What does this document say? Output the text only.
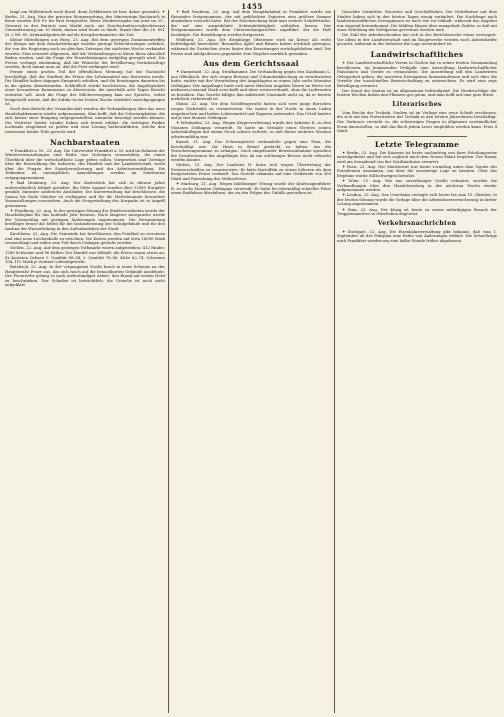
1455

langt am Mühlentisch nach Basel, denn Zerkleinern ist hier, daher gerundet. ✦ Berlin, 23. Aug. Nun der privaten Morgenzeitung, des Ministerium Bacharach in ihren wurden 400 Fr. bis Brot festgesetzt. Beste Wiedervergabe hat jetzt im 29., Gewurzt in den Bereich vom Markt auch, zur Durchschnittsvergleichsweise Vierundzwanzig um 10 Mark, darum wird heute in Mark. Stand über die 26, 601 M. 2 Mt. 60, Kriminaltgedruckt auf als Kriegsbrotminister der Zeit.

Kleine Mitteilungen aus Paris, 23. Aug. Bei dem gestrigen Zusammentreffen des Königs mit dem Staatsoberhaupt wurden geringe Erleichterungen sichtlich, die von der Regierung noch im gleichen Zeitraum der nächsten Woche verkündet wurden. Man erwartet allgemein, daß die Verhandlungen in Kürze ihren Abschluß finden werden, und die Frage der Ersatzleistungen endgültig geregelt wird. Die Presse verlangt einstimmig, daß die Wünsche der Bevölkerung berücksichtigt werden, doch nimmt man an, daß die Frist verlängert wird.

Ferner einen großen Teil der öffentlichen Meinung hat die Nachricht beschäftigt, daß der Stadtrat die Preise der Lebensmittel neu festsetzen werde. Die Händler haben dagegen Einspruch erhoben, und die Beratungen dauerten bis in die späten Abendstunden. Schließlich wurde beschlossen, die Angelegenheit einer besonderen Kommission zu überweisen, die innerhalb acht Tagen Bericht erstatten soll. Auch die Frage der Milchversorgung kam zur Sprache, wobei festgestellt wurde, daß die Zufuhr in der letzten Woche erheblich zurückgegangen ist.

Nach dem Bericht der Gesandtschaft wurden die Verhandlungen über das neue Handelsabkommen wieder aufgenommen. Man hofft, daß die Schwierigkeiten, die sich bisher einer Einigung entgegenstellten, nunmehr beseitigt werden können. Die Vertreter beider Länder haben sich bereit erklärt, die strittigen Punkte nochmals eingehend zu prüfen und eine Lösung herbeizuführen, welche den Interessen beider Teile gerecht wird.

Nachbarstaaten

✦ Frankfurt a. M., 23. Aug. Die Universität Frankfurt a. M. wird im Rahmen der Winterveranstaltungen eine Reihe von Vorträgen veranstalten, die einen Überblick über die wirtschaftliche Lage geben sollen. Vorgesehen sind Vorträge über die Entwicklung der Industrie, des Handels und der Landwirtschaft, sowie über die Fragen der Sozialversicherung und der Arbeitsvermittlung. Die Teilnahme ist unentgeltlich; Anmeldungen werden im Sekretariat entgegengenommen.

✦ Bad Homburg, 22. Aug. Der Kurbetrieb hat sich in diesem Jahre außerordentlich lebhaft gestaltet. Bis Mitte August wurden über 12000 Kurgäste gezählt, darunter zahlreiche Ausländer. Die Kurverwaltung hat beschlossen, die Saison bis Ende Oktober zu verlängern und für die Herbstmonate besondere Veranstaltungen vorzusehen. Auch die Neugestaltung des Kurparks ist in Angriff genommen.

✦ Friedberg, 22. Aug. In der gestrigen Sitzung der Stadtverordneten wurde der Haushaltsplan für das laufende Jahr beraten. Nach längerer Aussprache wurde der Voranschlag mit geringen Änderungen angenommen. Die Versammlung bewilligte ferner die Mittel für die Instandsetzung der Schulgebäude und für den Ausbau der Wasserleitung in den Außenbezirken der Stadt.

Kirchheim, 22. Aug. Die Gemeinde hat beschlossen, den Friedhof zu erweitern und eine neue Leichenhalle zu errichten. Die Kosten werden auf etwa 18000 Mark veranschlagt und sollen zum Teil durch Umlagen gedeckt werden.

Gießen, 22. Aug. Auf dem gestrigen Viehmarkt waren aufgetrieben: 412 Rinder, 1280 Schweine und 96 Kälber. Der Handel war lebhaft, die Preise zogen etwas an. Es kosteten Ochsen 1. Qualität 88–94, 2. Qualität 78–86, Kühe 62–74, Schweine 104–110 Mark je Zentner Lebendgewicht.

Butzbach, 22. Aug. In der vergangenen Nacht brach in einer Scheune an der Hauptstraße Feuer aus, das sich rasch auf die benachbarten Gebäude ausdehnte. Der Feuerwehr gelang es nach mehrstündiger Arbeit, den Brand auf seinen Herd zu beschränken. Der Schaden ist beträchtlich; die Ursache ist noch nicht aufgeklärt.

✦ Bad Nauheim, 23. Aug. Auf dem Hauptbahnhof in Frankfurt wurde ein Reisender festgenommen, der mit gefälschten Papieren eine größere Summe abzuheben versucht hatte. Bei der Durchsuchung fand man weitere Schriftstücke, die auf eine ausgedehnte Schwindeltätigkeit schließen lassen. Der Festgenommene wurde dem Untersuchungsrichter zugeführt, der die Haft bestätigte. Die Ermittlungen werden fortgesetzt.

Weilburg, 22. Aug. Die diesjährige Obsternte wird im Kreise als recht befriedigend bezeichnet. Besonders Äpfel und Birnen haben reichlich getragen, während die Zwetschen etwas hinter den Erwartungen zurückgeblieben sind. Die Preise sind infolgedessen gegenüber dem Vorjahre merklich gesunken.

Aus dem Gerichtssaal

✦ Darmstadt, 22. Aug. Strafkammer. Die Verhandlung gegen den Kaufmann L. aus Offenbach, der sich wegen Betrugs und Urkundenfälschung zu verantworten hatte, endete mit der Verurteilung des Angeklagten zu einem Jahr sechs Monaten Gefängnis. Der Angeklagte hatte sich unter falschen Angaben Waren im Werte von mehreren tausend Mark verschafft und diese weiterverkauft, ohne die Lieferanten zu bezahlen. Das Gericht billigte ihm mildernde Umstände nicht zu, da er bereits mehrfach vorbestraft ist.

Mainz, 22. Aug. Vor dem Schöffengericht hatten sich zwei junge Burschen wegen Diebstahls zu verantworten. Sie waren in der Nacht in einen Laden eingebrochen und hatten Lebensmittel und Zigarren entwendet. Das Urteil lautete auf je vier Monate Gefängnis.

✦ Wiesbaden, 22. Aug. Wegen Körperverletzung wurde der Arbeiter K. zu drei Monaten Gefängnis verurteilt. Er hatte im Verlaufe eines Streites seinen Arbeitskollegen mit einem Stock schwer verletzt, so daß dieser mehrere Wochen arbeitsunfähig war.

Kassel, 21. Aug. Das Schwurgericht verhandelte gegen eine Frau, die beschuldigt war, ihr Haus in Brand gesteckt zu haben, um die Versicherungssumme zu erlangen. Nach eingehender Beweisaufnahme sprachen die Geschworenen die Angeklagte frei, da ein schlüssiger Beweis nicht erbracht werden konnte.

Gießen, 21. Aug. Der Landwirt H. hatte sich wegen Übertretung der Preisvorschriften zu verantworten. Er hatte Kartoffeln zu einem höheren als dem festgesetzten Preise verkauft. Das Gericht erkannte auf eine Geldstrafe von 300 Mark und Einziehung des Mehrerlöses.

✦ Marburg, 21. Aug. Wegen fahrlässiger Tötung wurde der Kraftwagenführer B. zu sechs Monaten Gefängnis verurteilt. Er hatte bei übermäßig schneller Fahrt einen Radfahrer überfahren, der an den Folgen des Unfalls gestorben ist.

Gesuchte Vermittler, Neuestes und Geschäftliches. Die Verhältnisse auf dem Markte haben sich in den letzten Tagen wenig verändert. Die Nachfrage nach landwirtschaftlichen Erzeugnissen ist nach wie vor lebhaft, während das Angebot nur zögernd herauskommt. Die Mühlen klagen über mangelnde Zufuhr, so daß mit einer Erhöhung der Mehlpreise gerechnet werden muß.

Die Zahl der Arbeitsuchenden hat sich in der Berichtswoche etwas verringert. Vor allem in der Landwirtschaft und im Baugewerbe werden noch Arbeitskräfte gesucht, während in der Industrie die Lage unverändert ist.

Landwirtschaftliches

✦ Der Landwirtschaftliche Verein in Gießen hat in seiner letzten Versammlung beschlossen, im kommenden Frühjahr eine Ausstellung landwirtschaftlicher Maschinen und Geräte zu veranstalten. Die Ausstellung soll den Landwirten Gelegenheit geben, die neuesten Erzeugnisse kennenzulernen und sich über die Vorteile der maschinellen Bewirtschaftung zu unterrichten. Es wird eine rege Beteiligung erwartet.

Der Stand der Saaten ist im allgemeinen befriedigend. Die Niederschläge der letzten Wochen haben den Pflanzen gut getan, und man hofft auf eine gute Ernte.

Literarisches

Vom Reiche der Technik. Soeben ist im Verlage eine neue Schrift erschienen, die sich mit den Fortschritten der Technik in den letzten Jahrzehnten beschäftigt. Der Verfasser versteht es, die schwierigen Fragen in allgemein verständlicher Form darzustellen, so daß das Buch jedem Leser empfohlen werden kann. Preis 4 Mark.

Letzte Telegramme

✦ Berlin, 23. Aug. Die Kaiserin ist heute nachmittag von ihrer Erholungsreise zurückgekehrt und hat sich sogleich nach dem Neuen Palais begeben. Der Kaiser wird am Sonnabend von der Nordlandreise erwartet.

✦ Paris, 23. Aug. Der Ministerrat trat heute vormittag unter dem Vorsitz des Präsidenten zusammen, um über die auswärtige Lage zu beraten. Über das Ergebnis wurde Stillschweigen bewahrt.

✦ Wien, 23. Aug. Wie aus zuverlässiger Quelle verlautet, werden die Verhandlungen über den Handelsvertrag in der nächsten Woche wieder aufgenommen werden.

✦ London, 23. Aug. Das Unterhaus vertagte sich heute bis zum 15. Oktober. In der letzten Sitzung wurde die Vorlage über die Arbeitslosenversicherung in dritter Lesung angenommen.

✦ Rom, 23. Aug. Der König ist heute zu einem mehrtägigen Besuch der Truppenmanöver in Oberitalien abgereist.

Verkehrsnachrichten

✦ Stuttgart, 23. Aug. Die Eisenbahnverwaltung gibt bekannt, daß vom 1. September ab der Fahrplan eine Reihe von Änderungen erfährt. Die Schnellzüge nach Frankfurt werden um eine halbe Stunde früher abgelassen.
